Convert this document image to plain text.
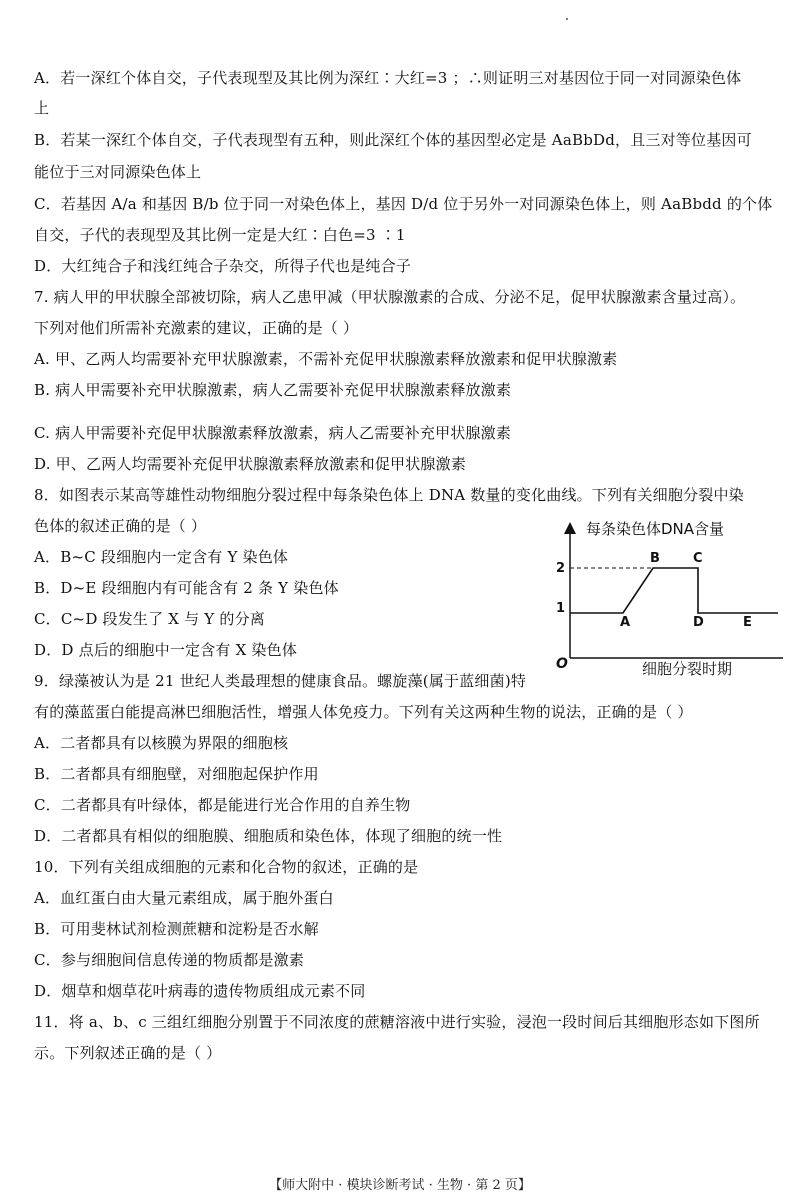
A．若一深红个体自交，子代表现型及其比例为深红∶大红=3 ；∴则证明三对基因位于同一对同源染色体
上
B．若某一深红个体自交，子代表现型有五种，则此深红个体的基因型必定是 AaBbDd，且三对等位基因可
能位于三对同源染色体上
C．若基因 A/a 和基因 B/b 位于同一对染色体上，基因 D/d 位于另外一对同源染色体上，则 AaBbdd 的个体
自交，子代的表现型及其比例一定是大红∶白色=3 ∶1
D．大红纯合子和浅红纯合子杂交，所得子代也是纯合子
7. 病人甲的甲状腺全部被切除，病人乙患甲减（甲状腺激素的合成、分泌不足，促甲状腺激素含量过高）。
下列对他们所需补充激素的建议，正确的是（ ）
A. 甲、乙两人均需要补充甲状腺激素，不需补充促甲状腺激素释放激素和促甲状腺激素
B. 病人甲需要补充甲状腺激素，病人乙需要补充促甲状腺激素释放激素
C. 病人甲需要补充促甲状腺激素释放激素，病人乙需要补充甲状腺激素
D. 甲、乙两人均需要补充促甲状腺激素释放激素和促甲状腺激素
8．如图表示某高等雄性动物细胞分裂过程中每条染色体上 DNA 数量的变化曲线。下列有关细胞分裂中染
色体的叙述正确的是（ ）
A．B~C 段细胞内一定含有 Y 染色体
B．D~E 段细胞内有可能含有 2 条 Y 染色体
C．C~D 段发生了 X 与 Y 的分离
D．D 点后的细胞中一定含有 X 染色体
9．绿藻被认为是 21 世纪人类最理想的健康食品。螺旋藻(属于蓝细菌)特
有的藻蓝蛋白能提高淋巴细胞活性，增强人体免疫力。下列有关这两种生物的说法，正确的是（ ）
A．二者都具有以核膜为界限的细胞核
B．二者都具有细胞壁，对细胞起保护作用
C．二者都具有叶绿体，都是能进行光合作用的自养生物
D．二者都具有相似的细胞膜、细胞质和染色体，体现了细胞的统一性
10．下列有关组成细胞的元素和化合物的叙述，正确的是
A．血红蛋白由大量元素组成，属于胞外蛋白
B．可用斐林试剂检测蔗糖和淀粉是否水解
C．参与细胞间信息传递的物质都是激素
D．烟草和烟草花叶病毒的遗传物质组成元素不同
11．将 a、b、c 三组红细胞分别置于不同浓度的蔗糖溶液中进行实验，浸泡一段时间后其细胞形态如下图所
示。下列叙述正确的是（ ）
每条染色体DNA含量
细胞分裂时期
O
1
2
A
B	C
D	E
【师大附中 · 模块诊断考试 · 生物 · 第 2 页】
